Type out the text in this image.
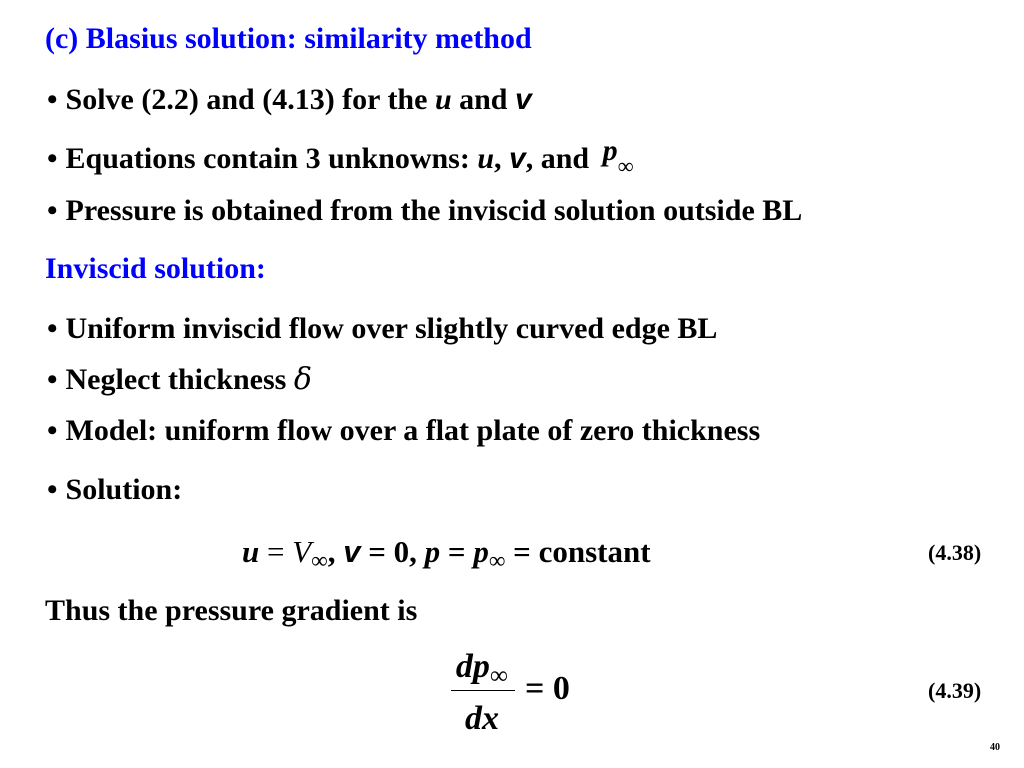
(c) Blasius solution: similarity method
• Solve (2.2) and (4.13) for the u and v
• Equations contain 3 unknowns: u, v, and $p_\infty$
• Pressure is obtained from the inviscid solution outside BL
Inviscid solution:
• Uniform inviscid flow over slightly curved edge BL
• Neglect thickness δ
• Model: uniform flow over a flat plate of zero thickness
• Solution:
$u = V_\infty$, v = 0, $p = p_\infty$ = constant	(4.38)
Thus the pressure gradient is
$dp_\infty$
dx
= 0	(4.39)
40
